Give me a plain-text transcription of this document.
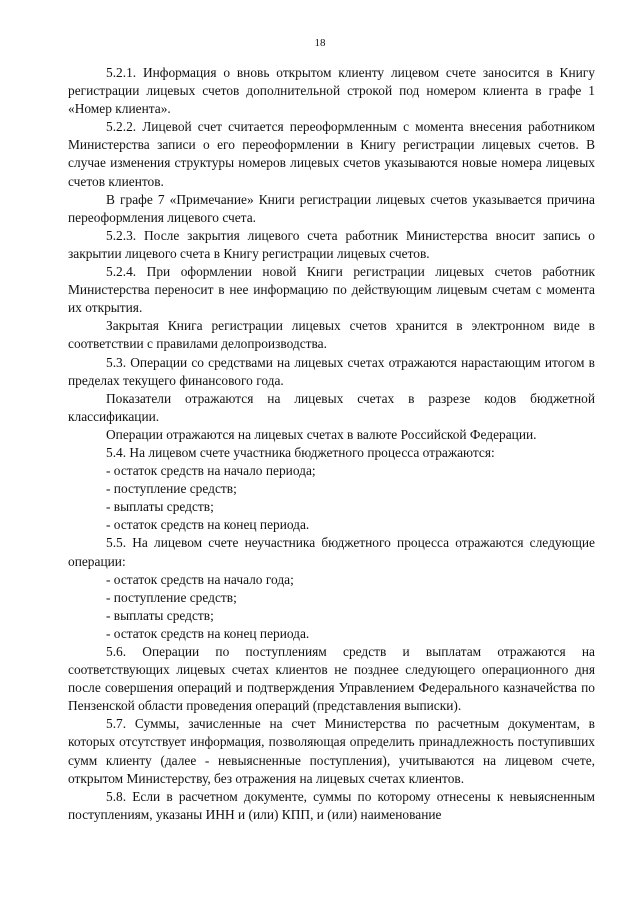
18

5.2.1. Информация о вновь открытом клиенту лицевом счете заносится в Книгу регистрации лицевых счетов дополнительной строкой под номером клиента в графе 1 «Номер клиента».

5.2.2. Лицевой счет считается переоформленным с момента внесения работником Министерства записи о его переоформлении в Книгу регистрации лицевых счетов. В случае изменения структуры номеров лицевых счетов указываются новые номера лицевых счетов клиентов.

В графе 7 «Примечание» Книги регистрации лицевых счетов указывается причина переоформления лицевого счета.

5.2.3. После закрытия лицевого счета работник Министерства вносит запись о закрытии лицевого счета в Книгу регистрации лицевых счетов.

5.2.4. При оформлении новой Книги регистрации лицевых счетов работник Министерства переносит в нее информацию по действующим лицевым счетам с момента их открытия.

Закрытая Книга регистрации лицевых счетов хранится в электронном виде в соответствии с правилами делопроизводства.

5.3. Операции со средствами на лицевых счетах отражаются нарастающим итогом в пределах текущего финансового года.

Показатели отражаются на лицевых счетах в разрезе кодов бюджетной классификации.

Операции отражаются на лицевых счетах в валюте Российской Федерации.

5.4. На лицевом счете участника бюджетного процесса отражаются:

- остаток средств на начало периода;

- поступление средств;

- выплаты средств;

- остаток средств на конец периода.

5.5. На лицевом счете неучастника бюджетного процесса отражаются следующие операции:

- остаток средств на начало года;

- поступление средств;

- выплаты средств;

- остаток средств на конец периода.

5.6. Операции по поступлениям средств и выплатам отражаются на соответствующих лицевых счетах клиентов не позднее следующего операционного дня после совершения операций и подтверждения Управлением Федерального казначейства по Пензенской области проведения операций (представления выписки).

5.7. Суммы, зачисленные на счет Министерства по расчетным документам, в которых отсутствует информация, позволяющая определить принадлежность поступивших сумм клиенту (далее - невыясненные поступления), учитываются на лицевом счете, открытом Министерству, без отражения на лицевых счетах клиентов.

5.8. Если в расчетном документе, суммы по которому отнесены к невыясненным поступлениям, указаны ИНН и (или) КПП, и (или) наименование
